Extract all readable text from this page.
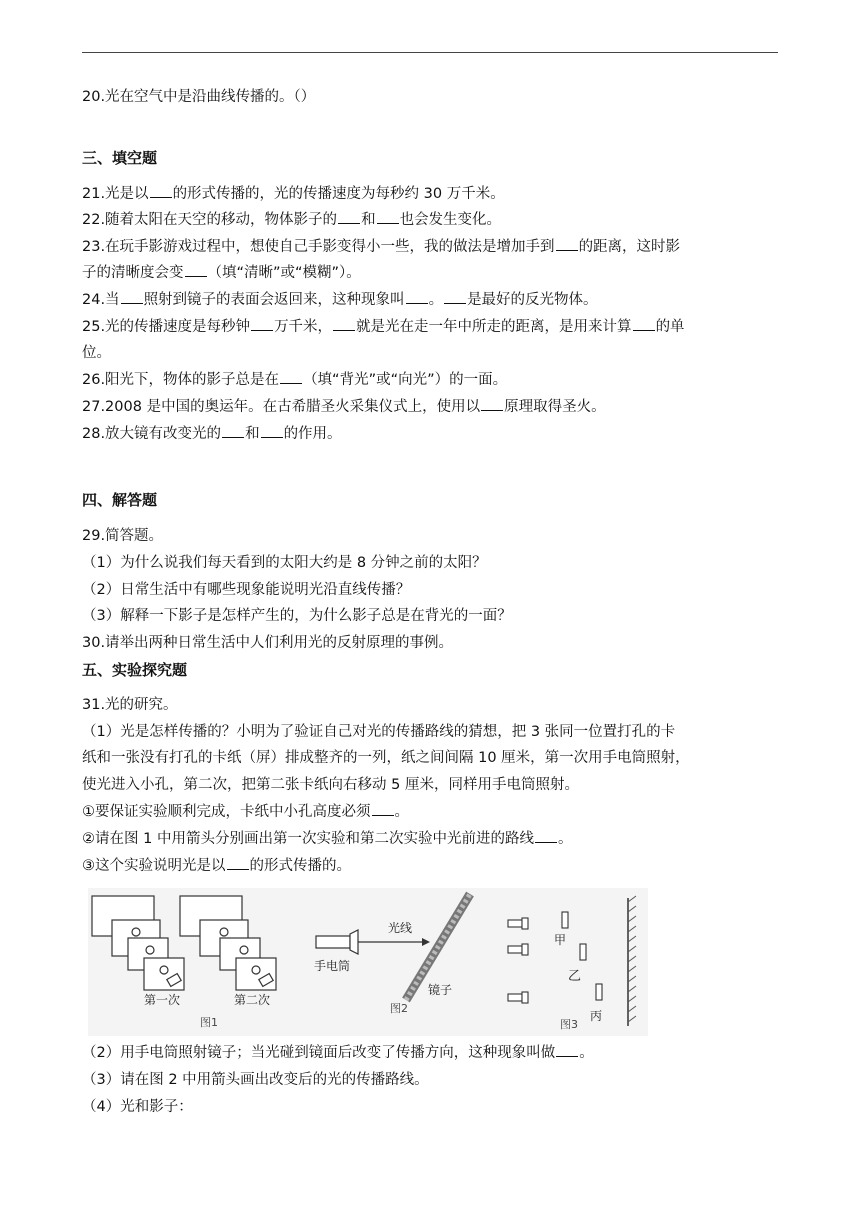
20.光在空气中是沿曲线传播的。（）
三、填空题
21.光是以 的形式传播的，光的传播速度为每秒约 30 万千米。
22.随着太阳在天空的移动，物体影子的 和 也会发生变化。
23.在玩手影游戏过程中，想使自己手影变得小一些，我的做法是增加手到 的距离，这时影
子的清晰度会变 （填“清晰”或“模糊”）。
24.当 照射到镜子的表面会返回来，这种现象叫 。 是最好的反光物体。
25.光的传播速度是每秒钟 万千米， 就是光在走一年中所走的距离，是用来计算 的单
位。
26.阳光下，物体的影子总是在 （填“背光”或“向光”）的一面。
27.2008 是中国的奥运年。在古希腊圣火采集仪式上，使用以 原理取得圣火。
28.放大镜有改变光的 和 的作用。
四、解答题
29.简答题。
（1）为什么说我们每天看到的太阳大约是 8 分钟之前的太阳？
（2）日常生活中有哪些现象能说明光沿直线传播？
（3）解释一下影子是怎样产生的，为什么影子总是在背光的一面？
30.请举出两种日常生活中人们利用光的反射原理的事例。
五、实验探究题
31.光的研究。
（1）光是怎样传播的？小明为了验证自己对光的传播路线的猜想，把 3 张同一位置打孔的卡
纸和一张没有打孔的卡纸（屏）排成整齐的一列，纸之间间隔 10 厘米，第一次用手电筒照射，
使光进入小孔，第二次，把第二张卡纸向右移动 5 厘米，同样用手电筒照射。
①要保证实验顺利完成，卡纸中小孔高度必须 。
②请在图 1 中用箭头分别画出第一次实验和第二次实验中光前进的路线 。
③这个实验说明光是以 的形式传播的。
（2）用手电筒照射镜子；当光碰到镜面后改变了传播方向，这种现象叫做 。
（3）请在图 2 中用箭头画出改变后的光的传播路线。
（4）光和影子：
第一次	第二次
图1
光线
手电筒
镜子
图2
甲
乙
丙
图3
